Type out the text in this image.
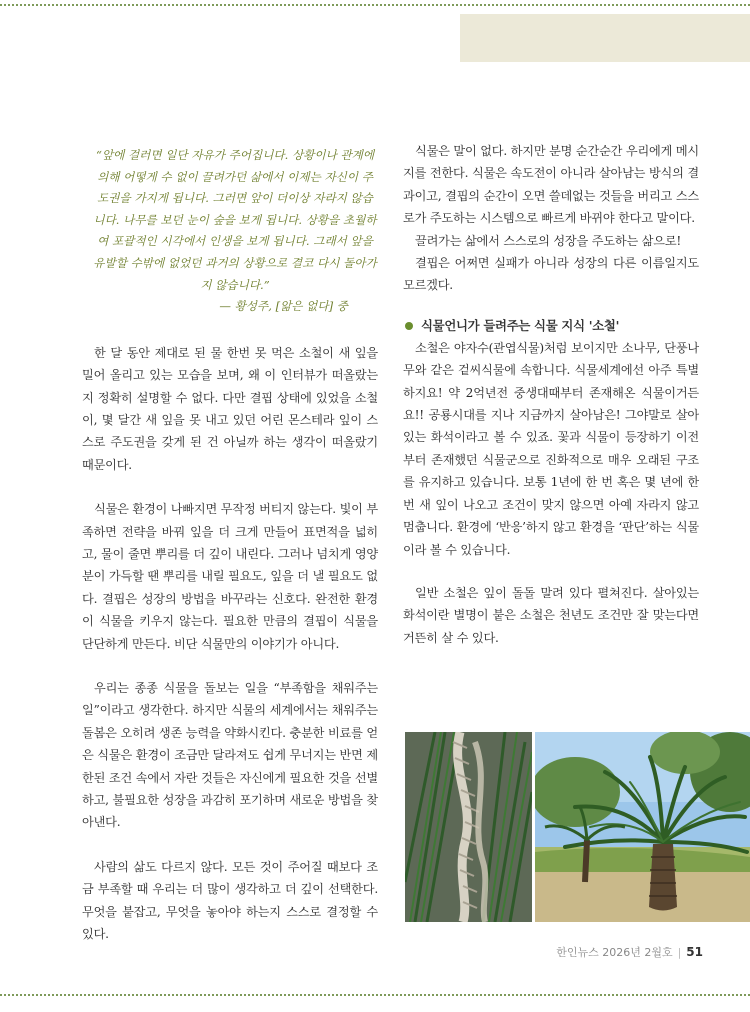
“앞에 걸러면 일단 자유가 주어집니다. 상황이나 관계에 의해 어떻게 수 없이 끌려가던 삶에서 이제는 자신이 주도권을 가지게 됩니다. 그러면 앞이 더이상 자라지 않습니다. 나무를 보던 눈이 숲을 보게 됩니다. 상황을 초월하여 포괄적인 시각에서 인생을 보게 됩니다. 그래서 앞을 유발할 수밖에 없었던 과거의 상황으로 결코 다시 돌아가지 않습니다.”
— 황성주, [앎은 없다] 중

한 달 동안 제대로 된 물 한번 못 먹은 소철이 새 잎을 밀어 올리고 있는 모습을 보며, 왜 이 인터뷰가 떠올랐는지 정확히 설명할 수 없다. 다만 결핍 상태에 있었을 소철이, 몇 달간 새 잎을 못 내고 있던 어린 몬스테라 잎이 스스로 주도권을 갖게 된 건 아닐까 하는 생각이 떠올랐기 때문이다.

식물은 환경이 나빠지면 무작정 버티지 않는다. 빛이 부족하면 전략을 바꿔 잎을 더 크게 만들어 표면적을 넓히고, 물이 줄면 뿌리를 더 깊이 내린다. 그러나 넘치게 영양분이 가득할 땐 뿌리를 내릴 필요도, 잎을 더 낼 필요도 없다. 결핍은 성장의 방법을 바꾸라는 신호다. 완전한 환경이 식물을 키우지 않는다. 필요한 만큼의 결핍이 식물을 단단하게 만든다. 비단 식물만의 이야기가 아니다.

우리는 종종 식물을 돌보는 일을 “부족함을 채워주는 일”이라고 생각한다. 하지만 식물의 세계에서는 채워주는 돌봄은 오히려 생존 능력을 약화시킨다. 충분한 비료를 얻은 식물은 환경이 조금만 달라져도 쉽게 무너지는 반면 제한된 조건 속에서 자란 것들은 자신에게 필요한 것을 선별하고, 불필요한 성장을 과감히 포기하며 새로운 방법을 찾아낸다.

사람의 삶도 다르지 않다. 모든 것이 주어질 때보다 조금 부족할 때 우리는 더 많이 생각하고 더 깊이 선택한다. 무엇을 붙잡고, 무엇을 놓아야 하는지 스스로 결정할 수 있다.

식물은 말이 없다. 하지만 분명 순간순간 우리에게 메시지를 전한다. 식물은 속도전이 아니라 살아남는 방식의 결과이고, 결핍의 순간이 오면 쓸데없는 것들을 버리고 스스로가 주도하는 시스템으로 빠르게 바뀌야 한다고 말이다.

끌려가는 삶에서 스스로의 성장을 주도하는 삶으로!

결핍은 어쩌면 실패가 아니라 성장의 다른 이름일지도 모르겠다.

식물언니가 들려주는 식물 지식 '소철'

소철은 야자수(관엽식물)처럼 보이지만 소나무, 단풍나무와 같은 겉씨식물에 속합니다. 식물세계에선 아주 특별하지요! 약 2억년전 중생대때부터 존재해온 식물이거든요!! 공룡시대를 지나 지금까지 살아남은! 그야말로 살아있는 화석이라고 볼 수 있죠. 꽃과 식물이 등장하기 이전부터 존재했던 식물군으로 진화적으로 매우 오래된 구조를 유지하고 있습니다. 보통 1년에 한 번 혹은 몇 년에 한 번 새 잎이 나오고 조건이 맞지 않으면 아예 자라지 않고 멈춥니다. 환경에 ‘반응’하지 않고 환경을 ‘판단’하는 식물이라 볼 수 있습니다.

일반 소철은 잎이 돌돌 말려 있다 펼쳐진다. 살아있는 화석이란 별명이 붙은 소철은 천년도 조건만 잘 맞는다면 거뜬히 살 수 있다.

한인뉴스 2026년 2월호 | 51
